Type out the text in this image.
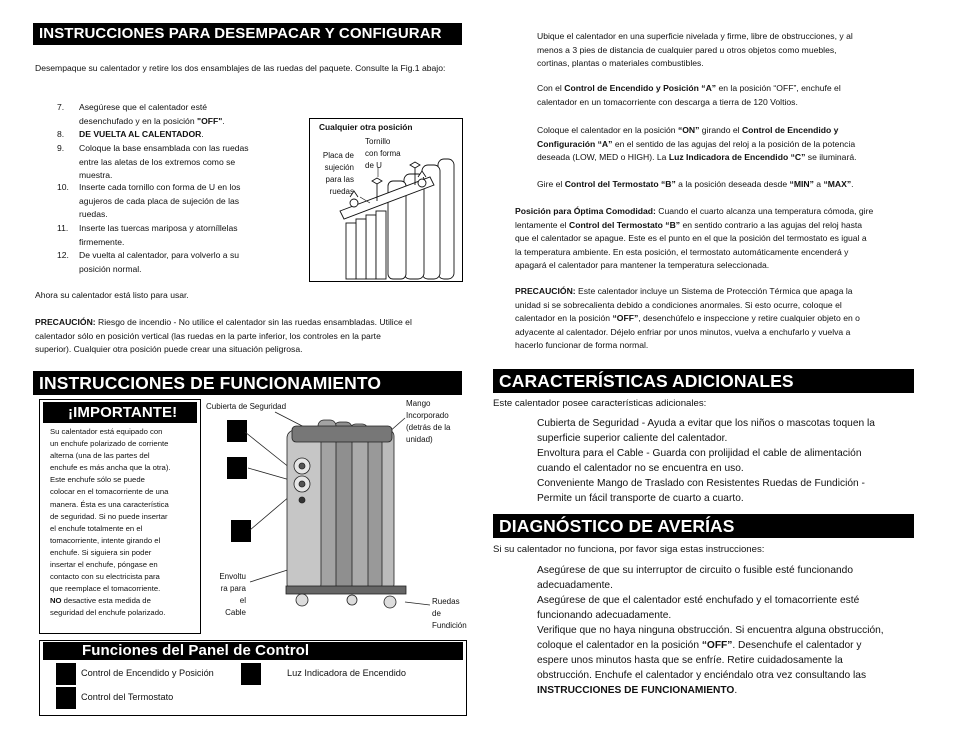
INSTRUCCIONES PARA DESEMPACAR Y CONFIGURAR
Desempaque su calentador y retire los dos ensamblajes de las ruedas del paquete. Consulte la Fig.1 abajo:
7.	Asegúrese que el calentador esté
desenchufado y en la posición "OFF".
8.	DE VUELTA AL CALENTADOR.
9.	Coloque la base ensamblada con las ruedas
entre las aletas de los extremos como se
muestra.
10.	Inserte cada tornillo con forma de U en los
agujeros de cada placa de sujeción de las
ruedas.
11.	Inserte las tuercas mariposa y atorníllelas
firmemente.
12.	De vuelta al calentador, para volverlo a su
posición normal.
Cualquier otra posición
Tornillo
con forma
de U
Placa de
sujeción
para las
ruedas
Ahora su calentador está listo para usar.
PRECAUCIÓN: Riesgo de incendio - No utilice el calentador sin las ruedas ensambladas. Utilice el
calentador sólo en posición vertical (las ruedas en la parte inferior, los controles en la parte
superior). Cualquier otra posición puede crear una situación peligrosa.
INSTRUCCIONES DE FUNCIONAMIENTO
¡IMPORTANTE!
Su calentador está equipado con
un enchufe polarizado de corriente
alterna (una de las partes del
enchufe es más ancha que la otra).
Este enchufe sólo se puede
colocar en el tomacorriente de una
manera. Ésta es una característica
de seguridad. Si no puede insertar
el enchufe totalmente en el
tomacorriente, intente girando el
enchufe. Si siguiera sin poder
insertar el enchufe, póngase en
contacto con su electricista para
que reemplace el tomacorriente.
NO desactive esta medida de
seguridad del enchufe polarizado.
Cubierta de Seguridad	Mango
Incorporado
(detrás de la
unidad)
Envoltu
ra para
el
Cable
Ruedas
de
Fundición
Funciones del Panel de Control
Control de Encendido y Posición	Luz Indicadora de Encendido
Control del Termostato
Ubique el calentador en una superficie nivelada y firme, libre de obstrucciones, y al
menos a 3 pies de distancia de cualquier pared u otros objetos como muebles,
cortinas, plantas o materiales combustibles.
Con el Control de Encendido y Posición “A” en la posición “OFF”, enchufe el
calentador en un tomacorriente con descarga a tierra de 120 Voltios.
Coloque el calentador en la posición “ON” girando el Control de Encendido y
Configuración “A” en el sentido de las agujas del reloj a la posición de la potencia
deseada (LOW, MED o HIGH). La Luz Indicadora de Encendido “C” se iluminará.
Gire el Control del Termostato “B” a la posición deseada desde “MIN” a “MAX”.
Posición para Óptima Comodidad: Cuando el cuarto alcanza una temperatura cómoda, gire
lentamente el Control del Termostato “B” en sentido contrario a las agujas del reloj hasta
que el calentador se apague. Este es el punto en el que la posición del termostato es igual a
la temperatura ambiente. En esta posición, el termostato automáticamente encenderá y
apagará el calentador para mantener la temperatura seleccionada.
PRECAUCIÓN: Este calentador incluye un Sistema de Protección Térmica que apaga la
unidad si se sobrecalienta debido a condiciones anormales. Si esto ocurre, coloque el
calentador en la posición “OFF”, desenchúfelo e inspeccione y retire cualquier objeto en o
adyacente al calentador. Déjelo enfriar por unos minutos, vuelva a enchufarlo y vuelva a
hacerlo funcionar de forma normal.
CARACTERÍSTICAS ADICIONALES
Este calentador posee características adicionales:
Cubierta de Seguridad - Ayuda a evitar que los niños o mascotas toquen la
superficie superior caliente del calentador.
Envoltura para el Cable - Guarda con prolijidad el cable de alimentación
cuando el calentador no se encuentra en uso.
Conveniente Mango de Traslado con Resistentes Ruedas de Fundición -
Permite un fácil transporte de cuarto a cuarto.
DIAGNÓSTICO DE AVERÍAS
Si su calentador no funciona, por favor siga estas instrucciones:
Asegúrese de que su interruptor de circuito o fusible esté funcionando
adecuadamente.
Asegúrese de que el calentador esté enchufado y el tomacorriente esté
funcionando adecuadamente.
Verifique que no haya ninguna obstrucción. Si encuentra alguna obstrucción,
coloque el calentador en la posición “OFF”. Desenchufe el calentador y
espere unos minutos hasta que se enfríe. Retire cuidadosamente la
obstrucción. Enchufe el calentador y enciéndalo otra vez consultando las
INSTRUCCIONES DE FUNCIONAMIENTO.
